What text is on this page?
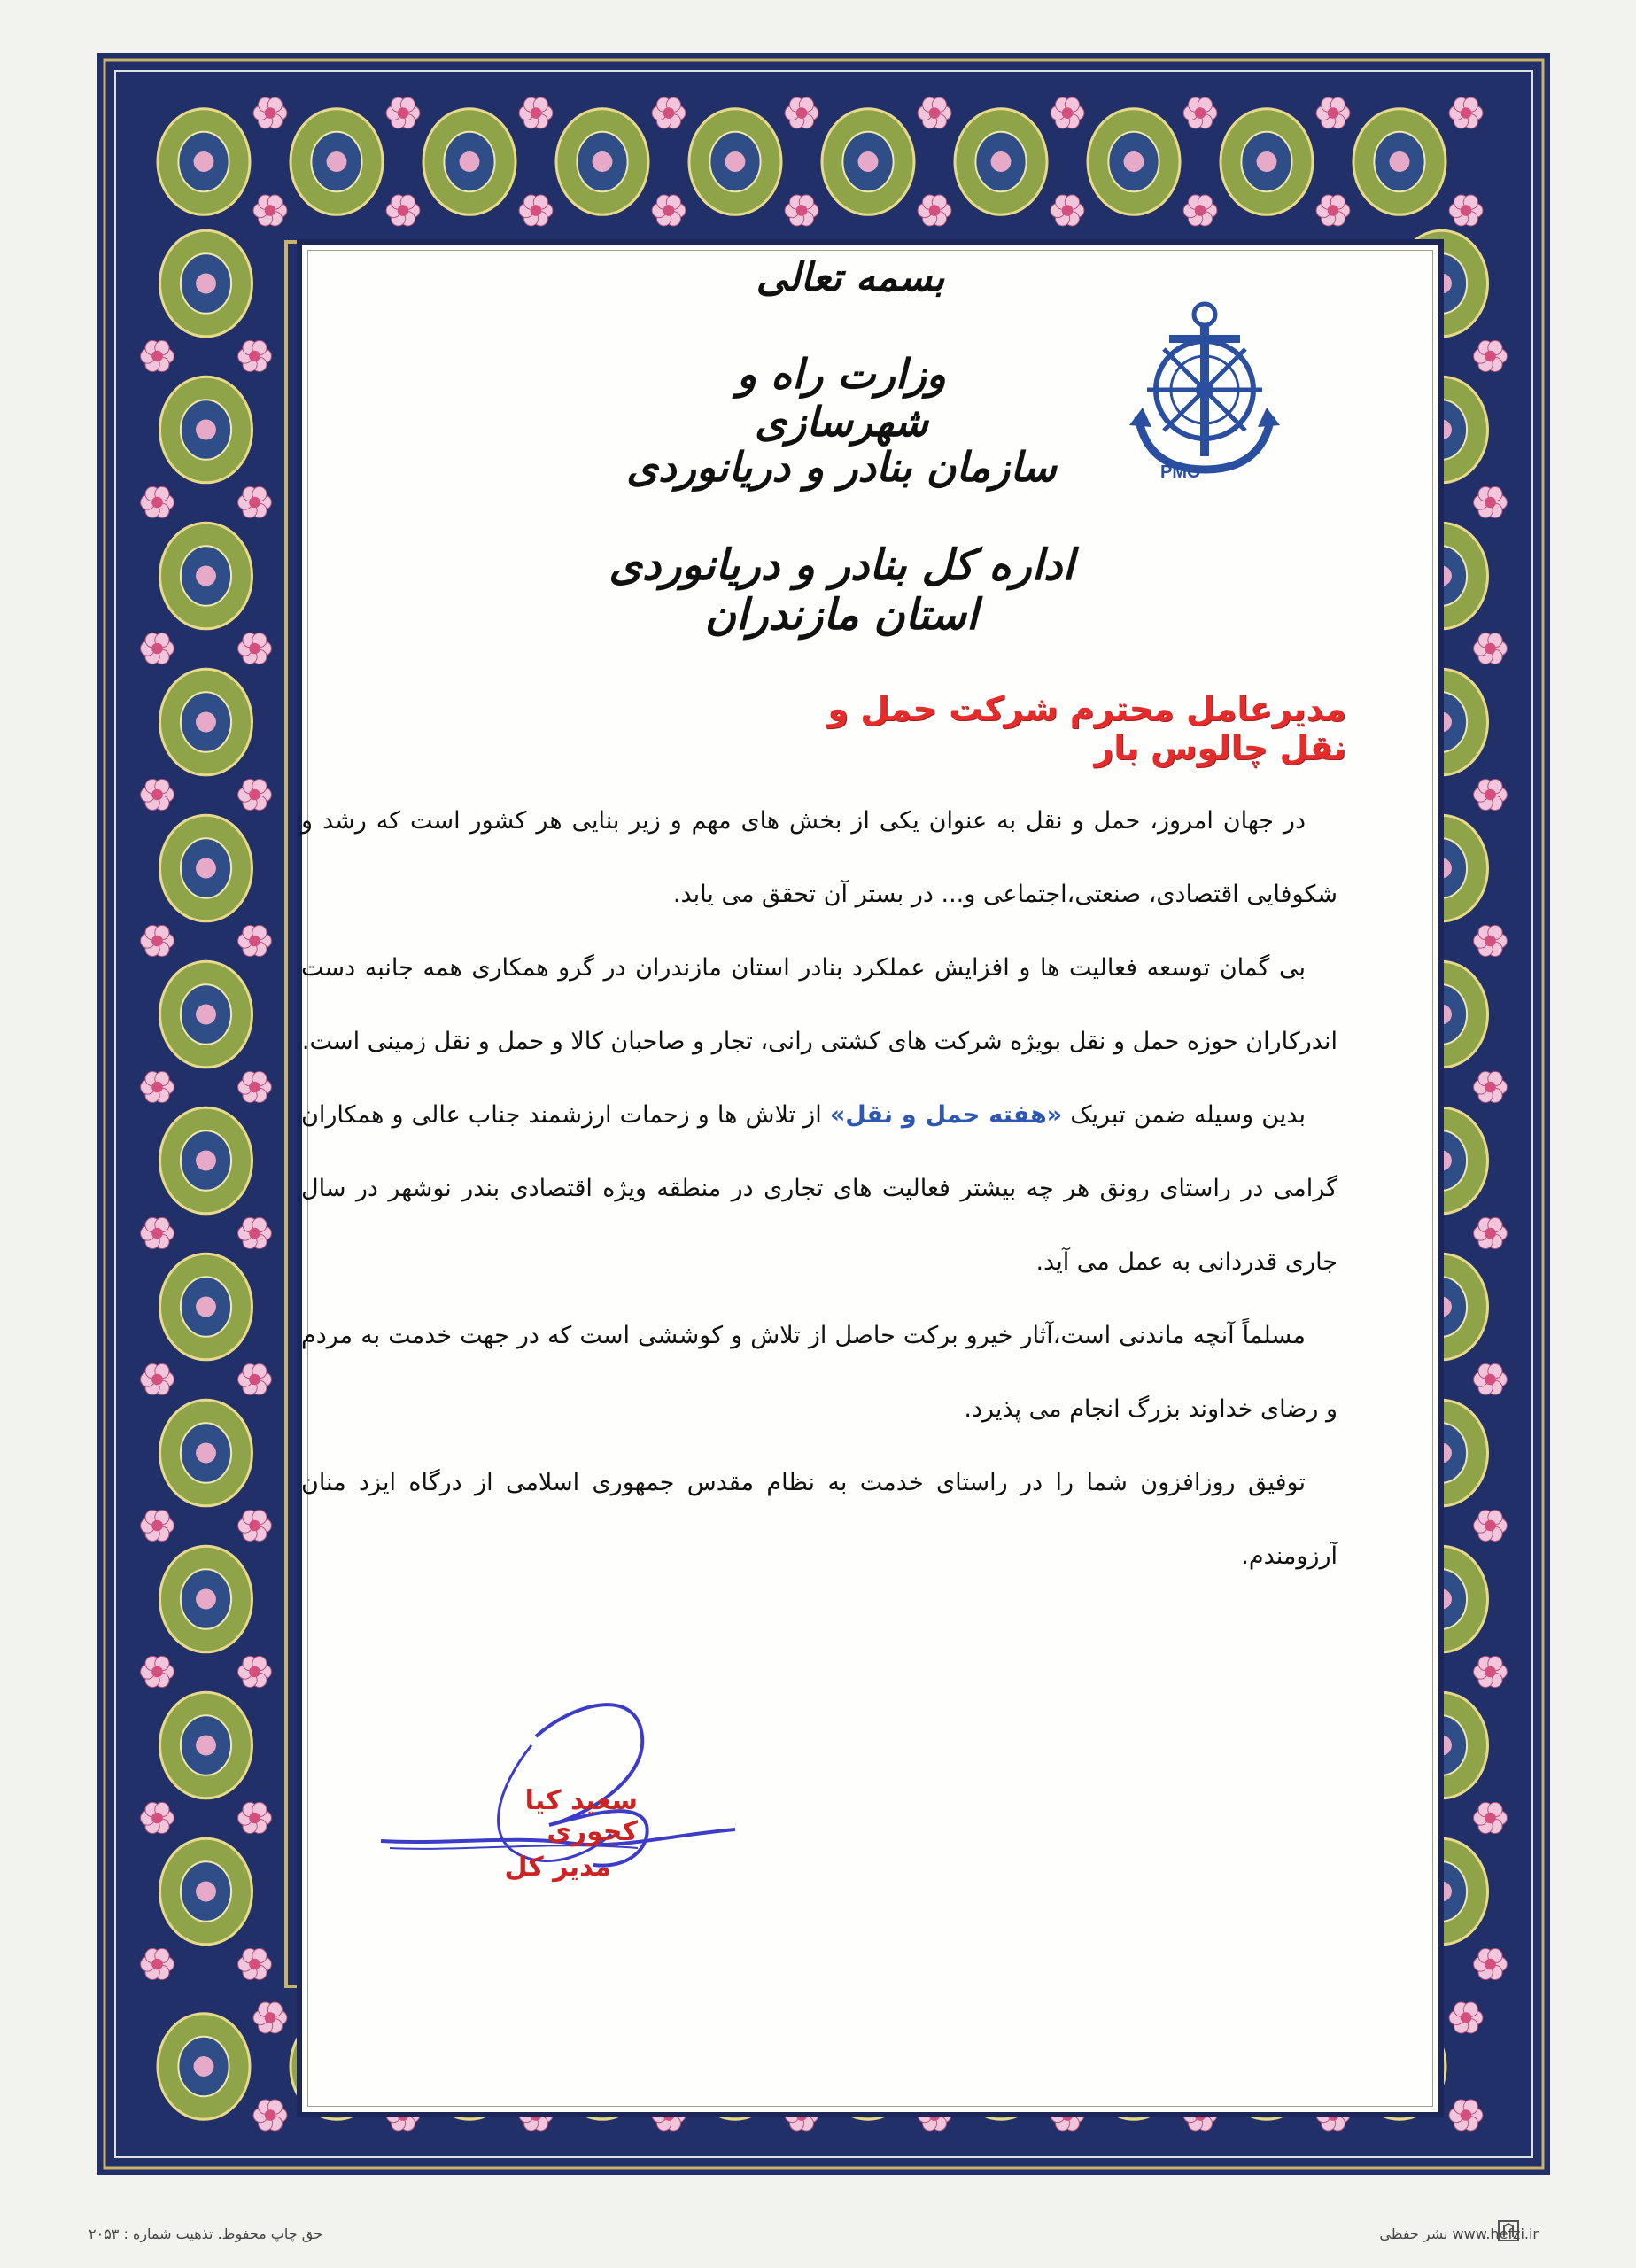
بسمه تعالی
وزارت راه و شهرسازی
سازمان بنادر و دریانوردی
اداره کل بنادر و دریانوردی استان مازندران
PMO
مدیرعامل محترم شرکت حمل و نقل چالوس بار

در جهان امروز، حمل و نقل به عنوان یکی از بخش های مهم و زیر بنایی هر کشور است که رشد و شکوفایی اقتصادی، صنعتی،اجتماعی و... در بستر آن تحقق می یابد.

بی گمان توسعه فعالیت ها و افزایش عملکرد بنادر استان مازندران در گرو همکاری همه جانبه دست اندرکاران حوزه حمل و نقل بویژه شرکت های کشتی رانی، تجار و صاحبان کالا و حمل و نقل زمینی است.

بدین وسیله ضمن تبریک «هفته حمل و نقل» از تلاش ها و زحمات ارزشمند جناب عالی و همکاران گرامی در راستای رونق هر چه بیشتر فعالیت های تجاری در منطقه ویژه اقتصادی بندر نوشهر در سال جاری قدردانی به عمل می آید.

مسلماً آنچه ماندنی است،آثار خیرو برکت حاصل از تلاش و کوششی است که در جهت خدمت به مردم و رضای خداوند بزرگ انجام می پذیرد.

توفیق روزافزون شما را در راستای خدمت به نظام مقدس جمهوری اسلامی از درگاه ایزد منان آرزومندم.

سعید کیا کجوری
مدیر کل
حق چاپ محفوظ. تذهیب شماره : ۲۰۵۳	www.hefzi.ir نشر حفظی
